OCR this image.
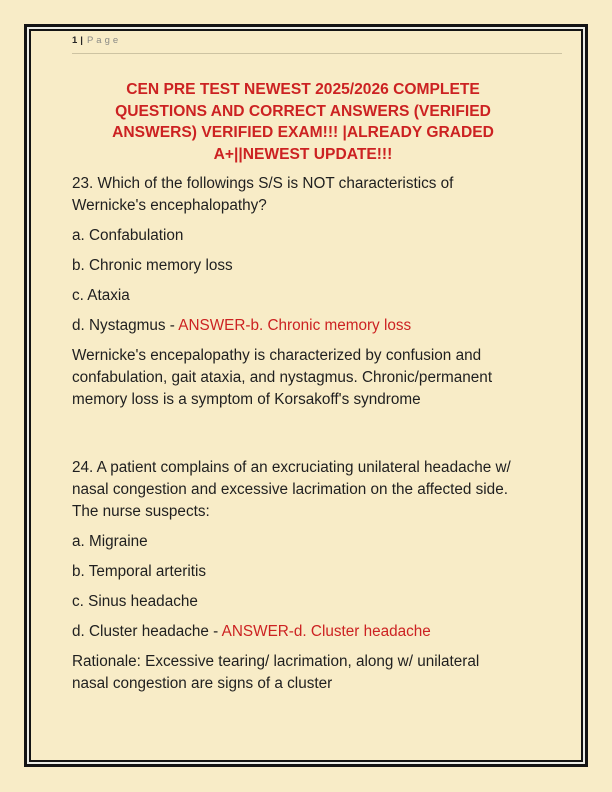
1 | Page
CEN PRE TEST NEWEST 2025/2026 COMPLETE
QUESTIONS AND CORRECT ANSWERS (VERIFIED
ANSWERS) VERIFIED EXAM!!! |ALREADY GRADED
A+||NEWEST UPDATE!!!

23. Which of the followings S/S is NOT characteristics of Wernicke's encephalopathy?

a. Confabulation

b. Chronic memory loss

c. Ataxia

d. Nystagmus - ANSWER-b. Chronic memory loss

Wernicke's encepalopathy is characterized by confusion and confabulation, gait ataxia, and nystagmus. Chronic/permanent memory loss is a symptom of Korsakoff's syndrome

24. A patient complains of an excruciating unilateral headache w/ nasal congestion and excessive lacrimation on the affected side. The nurse suspects:

a. Migraine

b. Temporal arteritis

c. Sinus headache

d. Cluster headache - ANSWER-d. Cluster headache

Rationale: Excessive tearing/ lacrimation, along w/ unilateral nasal congestion are signs of a cluster
